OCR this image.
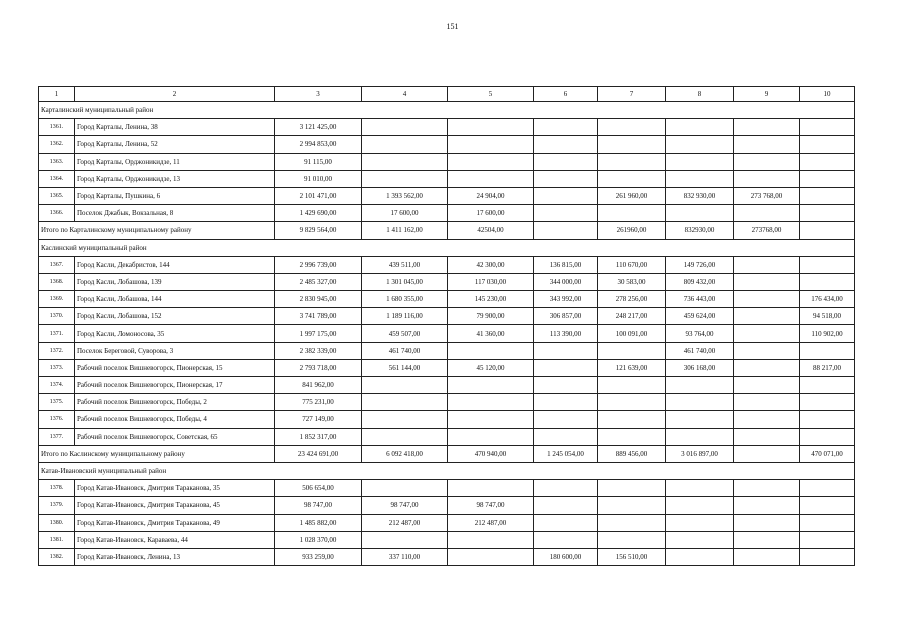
151
1	2	3	4	5	6	7	8	9	10
Карталинский муниципальный район									
1361.	Город Карталы, Ленина, 38	3 121 425,00							
1362.	Город Карталы, Ленина, 52	2 994 853,00							
1363.	Город Карталы, Орджоникидзе, 11	91 115,00							
1364.	Город Карталы, Орджоникидзе, 13	91 010,00							
1365.	Город Карталы, Пушкина, 6	2 101 471,00	1 393 562,00	24 904,00		261 960,00	832 930,00	273 768,00	
1366.	Поселок Джабык, Вокзальная, 8	1 429 690,00	17 600,00	17 600,00					
Итого по Карталинскому муниципальному району		9 829 564,00	1 411 162,00	42504,00		261960,00	832930,00	273768,00	
Каслинский муниципальный район									
1367.	Город Касли, Декабристов, 144	2 996 739,00	439 511,00	42 300,00	136 815,00	110 670,00	149 726,00		
1368.	Город Касли, Лобашова, 139	2 485 327,00	1 301 045,00	117 030,00	344 000,00	30 583,00	809 432,00		
1369.	Город Касли, Лобашова, 144	2 830 945,00	1 680 355,00	145 230,00	343 992,00	278 256,00	736 443,00		176 434,00
1370.	Город Касли, Лобашова, 152	3 741 789,00	1 189 116,00	79 900,00	306 857,00	248 217,00	459 624,00		94 518,00
1371.	Город Касли, Ломоносова, 35	1 997 175,00	459 507,00	41 360,00	113 390,00	100 091,00	93 764,00		110 902,00
1372.	Поселок Береговой, Суворова, 3	2 382 339,00	461 740,00				461 740,00		
1373.	Рабочий поселок Вишневогорск, Пионерская, 15	2 793 718,00	561 144,00	45 120,00		121 639,00	306 168,00		88 217,00
1374.	Рабочий поселок Вишневогорск, Пионерская, 17	841 962,00							
1375.	Рабочий поселок Вишневогорск, Победы, 2	775 231,00							
1376.	Рабочий поселок Вишневогорск, Победы, 4	727 149,00							
1377.	Рабочий поселок Вишневогорск, Советская, 65	1 852 317,00							
Итого по Каслинскому муниципальному району		23 424 691,00	6 092 418,00	470 940,00	1 245 054,00	889 456,00	3 016 897,00		470 071,00
Катав-Ивановский муниципальный район									
1378.	Город Катав-Ивановск, Дмитрия Тараканова, 35	506 654,00							
1379.	Город Катав-Ивановск, Дмитрия Тараканова, 45	98 747,00	98 747,00	98 747,00					
1380.	Город Катав-Ивановск, Дмитрия Тараканова, 49	1 485 882,00	212 487,00	212 487,00					
1381.	Город Катав-Ивановск, Караваева, 44	1 028 370,00							
1382.	Город Катав-Ивановск, Ленина, 13	933 259,00	337 110,00		180 600,00	156 510,00			
